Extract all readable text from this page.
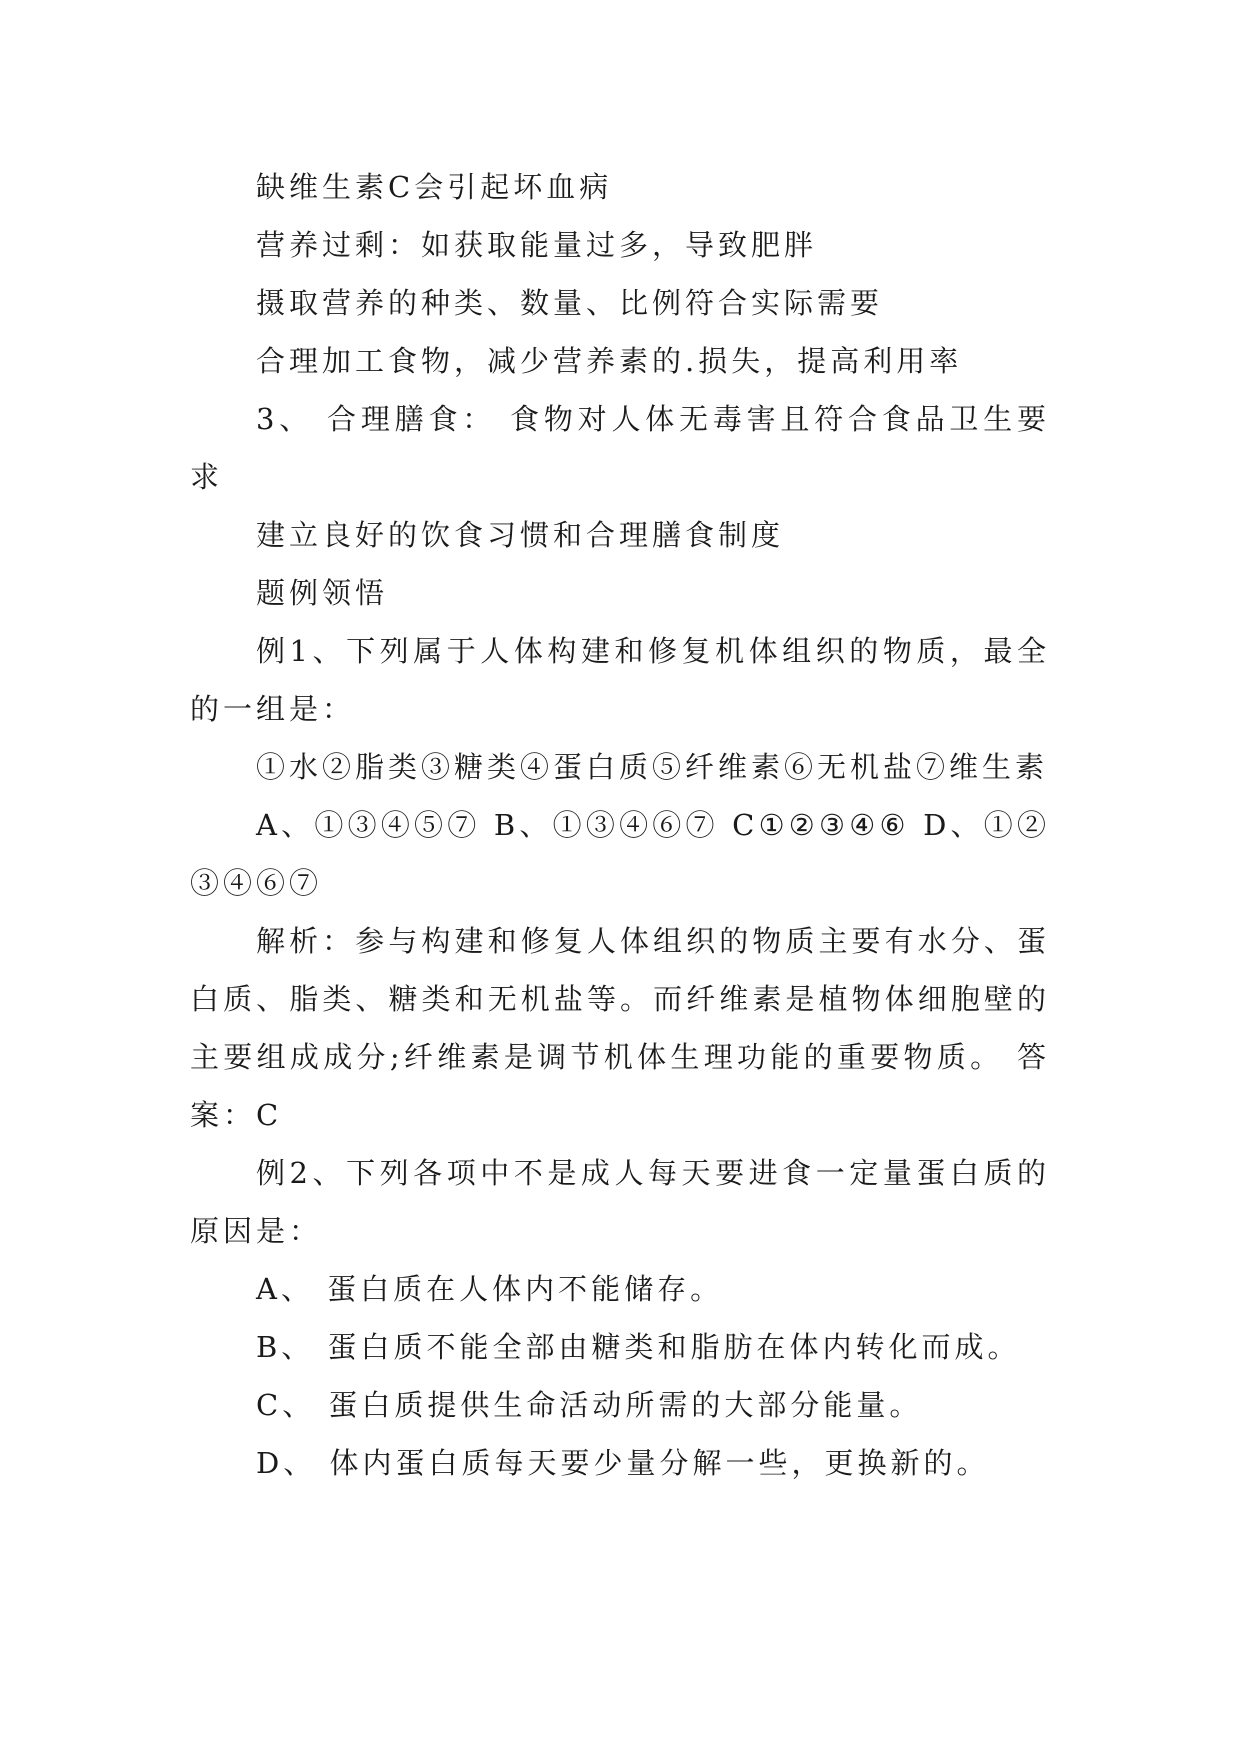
缺维生素C会引起坏血病

营养过剩：如获取能量过多，导致肥胖

摄取营养的种类、数量、比例符合实际需要

合理加工食物，减少营养素的.损失，提高利用率

3、 合理膳食： 食物对人体无毒害且符合食品卫生要求

建立良好的饮食习惯和合理膳食制度

题例领悟

例1、下列属于人体构建和修复机体组织的物质，最全的一组是：

①水②脂类③糖类④蛋白质⑤纤维素⑥无机盐⑦维生素

A、①③④⑤⑦ B、①③④⑥⑦ C①②③④⑥ D、①②③④⑥⑦

解析：参与构建和修复人体组织的物质主要有水分、蛋白质、脂类、糖类和无机盐等。而纤维素是植物体细胞壁的主要组成成分;纤维素是调节机体生理功能的重要物质。 答案：C

例2、下列各项中不是成人每天要进食一定量蛋白质的原因是：

A、 蛋白质在人体内不能储存。

B、 蛋白质不能全部由糖类和脂肪在体内转化而成。

C、 蛋白质提供生命活动所需的大部分能量。

D、 体内蛋白质每天要少量分解一些，更换新的。
